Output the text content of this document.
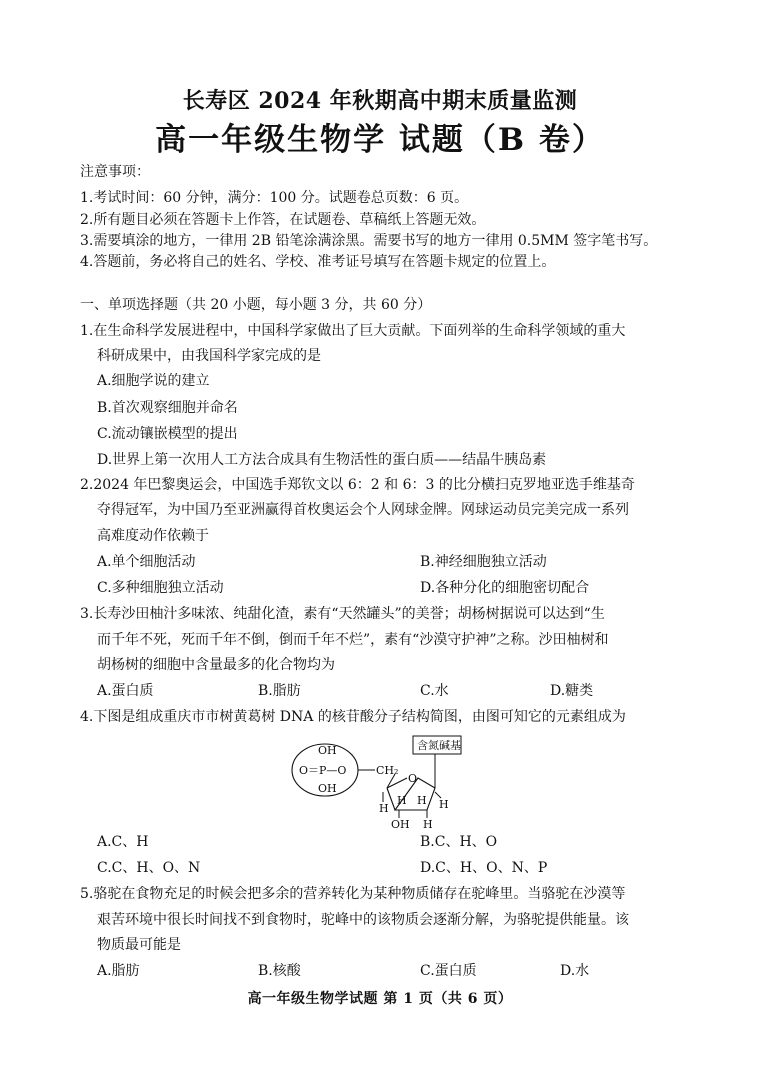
长寿区 2024 年秋期高中期末质量监测
高一年级生物学 试题（B 卷）
注意事项：
1.考试时间：60 分钟，满分：100 分。试题卷总页数：6 页。
2.所有题目必须在答题卡上作答，在试题卷、草稿纸上答题无效。
3.需要填涂的地方，一律用 2B 铅笔涂满涂黑。需要书写的地方一律用 0.5MM 签字笔书写。
4.答题前，务必将自己的姓名、学校、准考证号填写在答题卡规定的位置上。
一、单项选择题（共 20 小题，每小题 3 分，共 60 分）
1.在生命科学发展进程中，中国科学家做出了巨大贡献。下面列举的生命科学领域的重大
科研成果中，由我国科学家完成的是
A.细胞学说的建立
B.首次观察细胞并命名
C.流动镶嵌模型的提出
D.世界上第一次用人工方法合成具有生物活性的蛋白质——结晶牛胰岛素
2.2024 年巴黎奥运会，中国选手郑钦文以 6：2 和 6：3 的比分横扫克罗地亚选手维基奇
夺得冠军，为中国乃至亚洲赢得首枚奥运会个人网球金牌。网球运动员完美完成一系列
高难度动作依赖于
A.单个细胞活动	B.神经细胞独立活动
C.多种细胞独立活动	D.各种分化的细胞密切配合
3.长寿沙田柚汁多味浓、纯甜化渣，素有“天然罐头”的美誉；胡杨树据说可以达到“生
而千年不死，死而千年不倒，倒而千年不烂”，素有“沙漠守护神”之称。沙田柚树和
胡杨树的细胞中含量最多的化合物均为
A.蛋白质	B.脂肪	C.水	D.糖类
4.下图是组成重庆市市树黄葛树 DNA 的核苷酸分子结构简图，由图可知它的元素组成为
OH
O＝P—O
OH
CH₂
含氮碱基
O
H
H H H
OH H
A.C、H	B.C、H、O
C.C、H、O、N	D.C、H、O、N、P
5.骆驼在食物充足的时候会把多余的营养转化为某种物质储存在驼峰里。当骆驼在沙漠等
艰苦环境中很长时间找不到食物时，驼峰中的该物质会逐渐分解，为骆驼提供能量。该
物质最可能是
A.脂肪	B.核酸	C.蛋白质	D.水
高一年级生物学试题 第 1 页（共 6 页）
